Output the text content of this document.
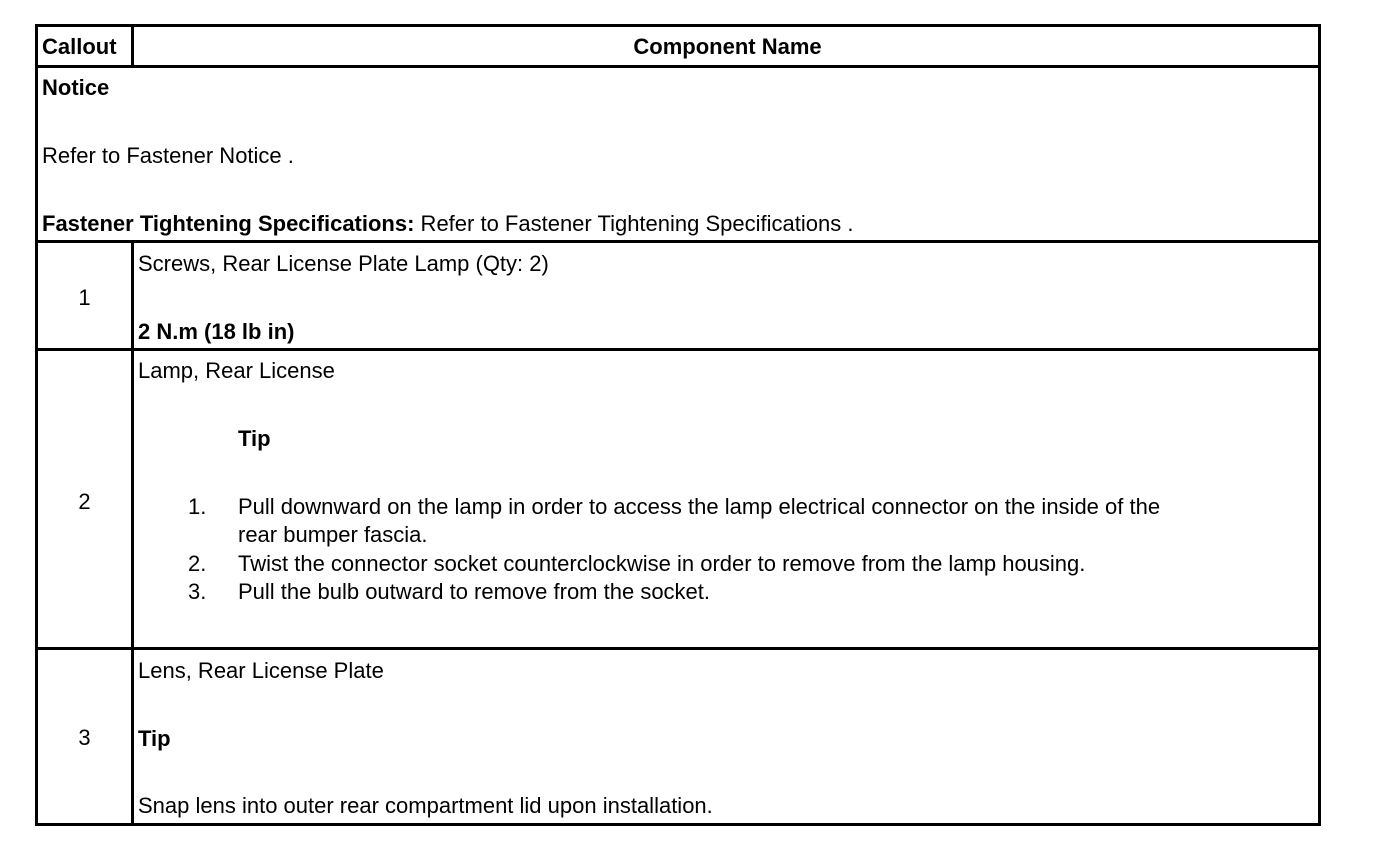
Callout	Component Name
Notice
Refer to Fastener Notice .
Fastener Tightening Specifications: Refer to Fastener Tightening Specifications .
1
Screws, Rear License Plate Lamp (Qty: 2)
2 N.m (18 lb in)
2
Lamp, Rear License
Tip
1. Pull downward on the lamp in order to access the lamp electrical connector on the inside of the
rear bumper fascia.
2. Twist the connector socket counterclockwise in order to remove from the lamp housing.
3. Pull the bulb outward to remove from the socket.
3
Lens, Rear License Plate
Tip
Snap lens into outer rear compartment lid upon installation.
